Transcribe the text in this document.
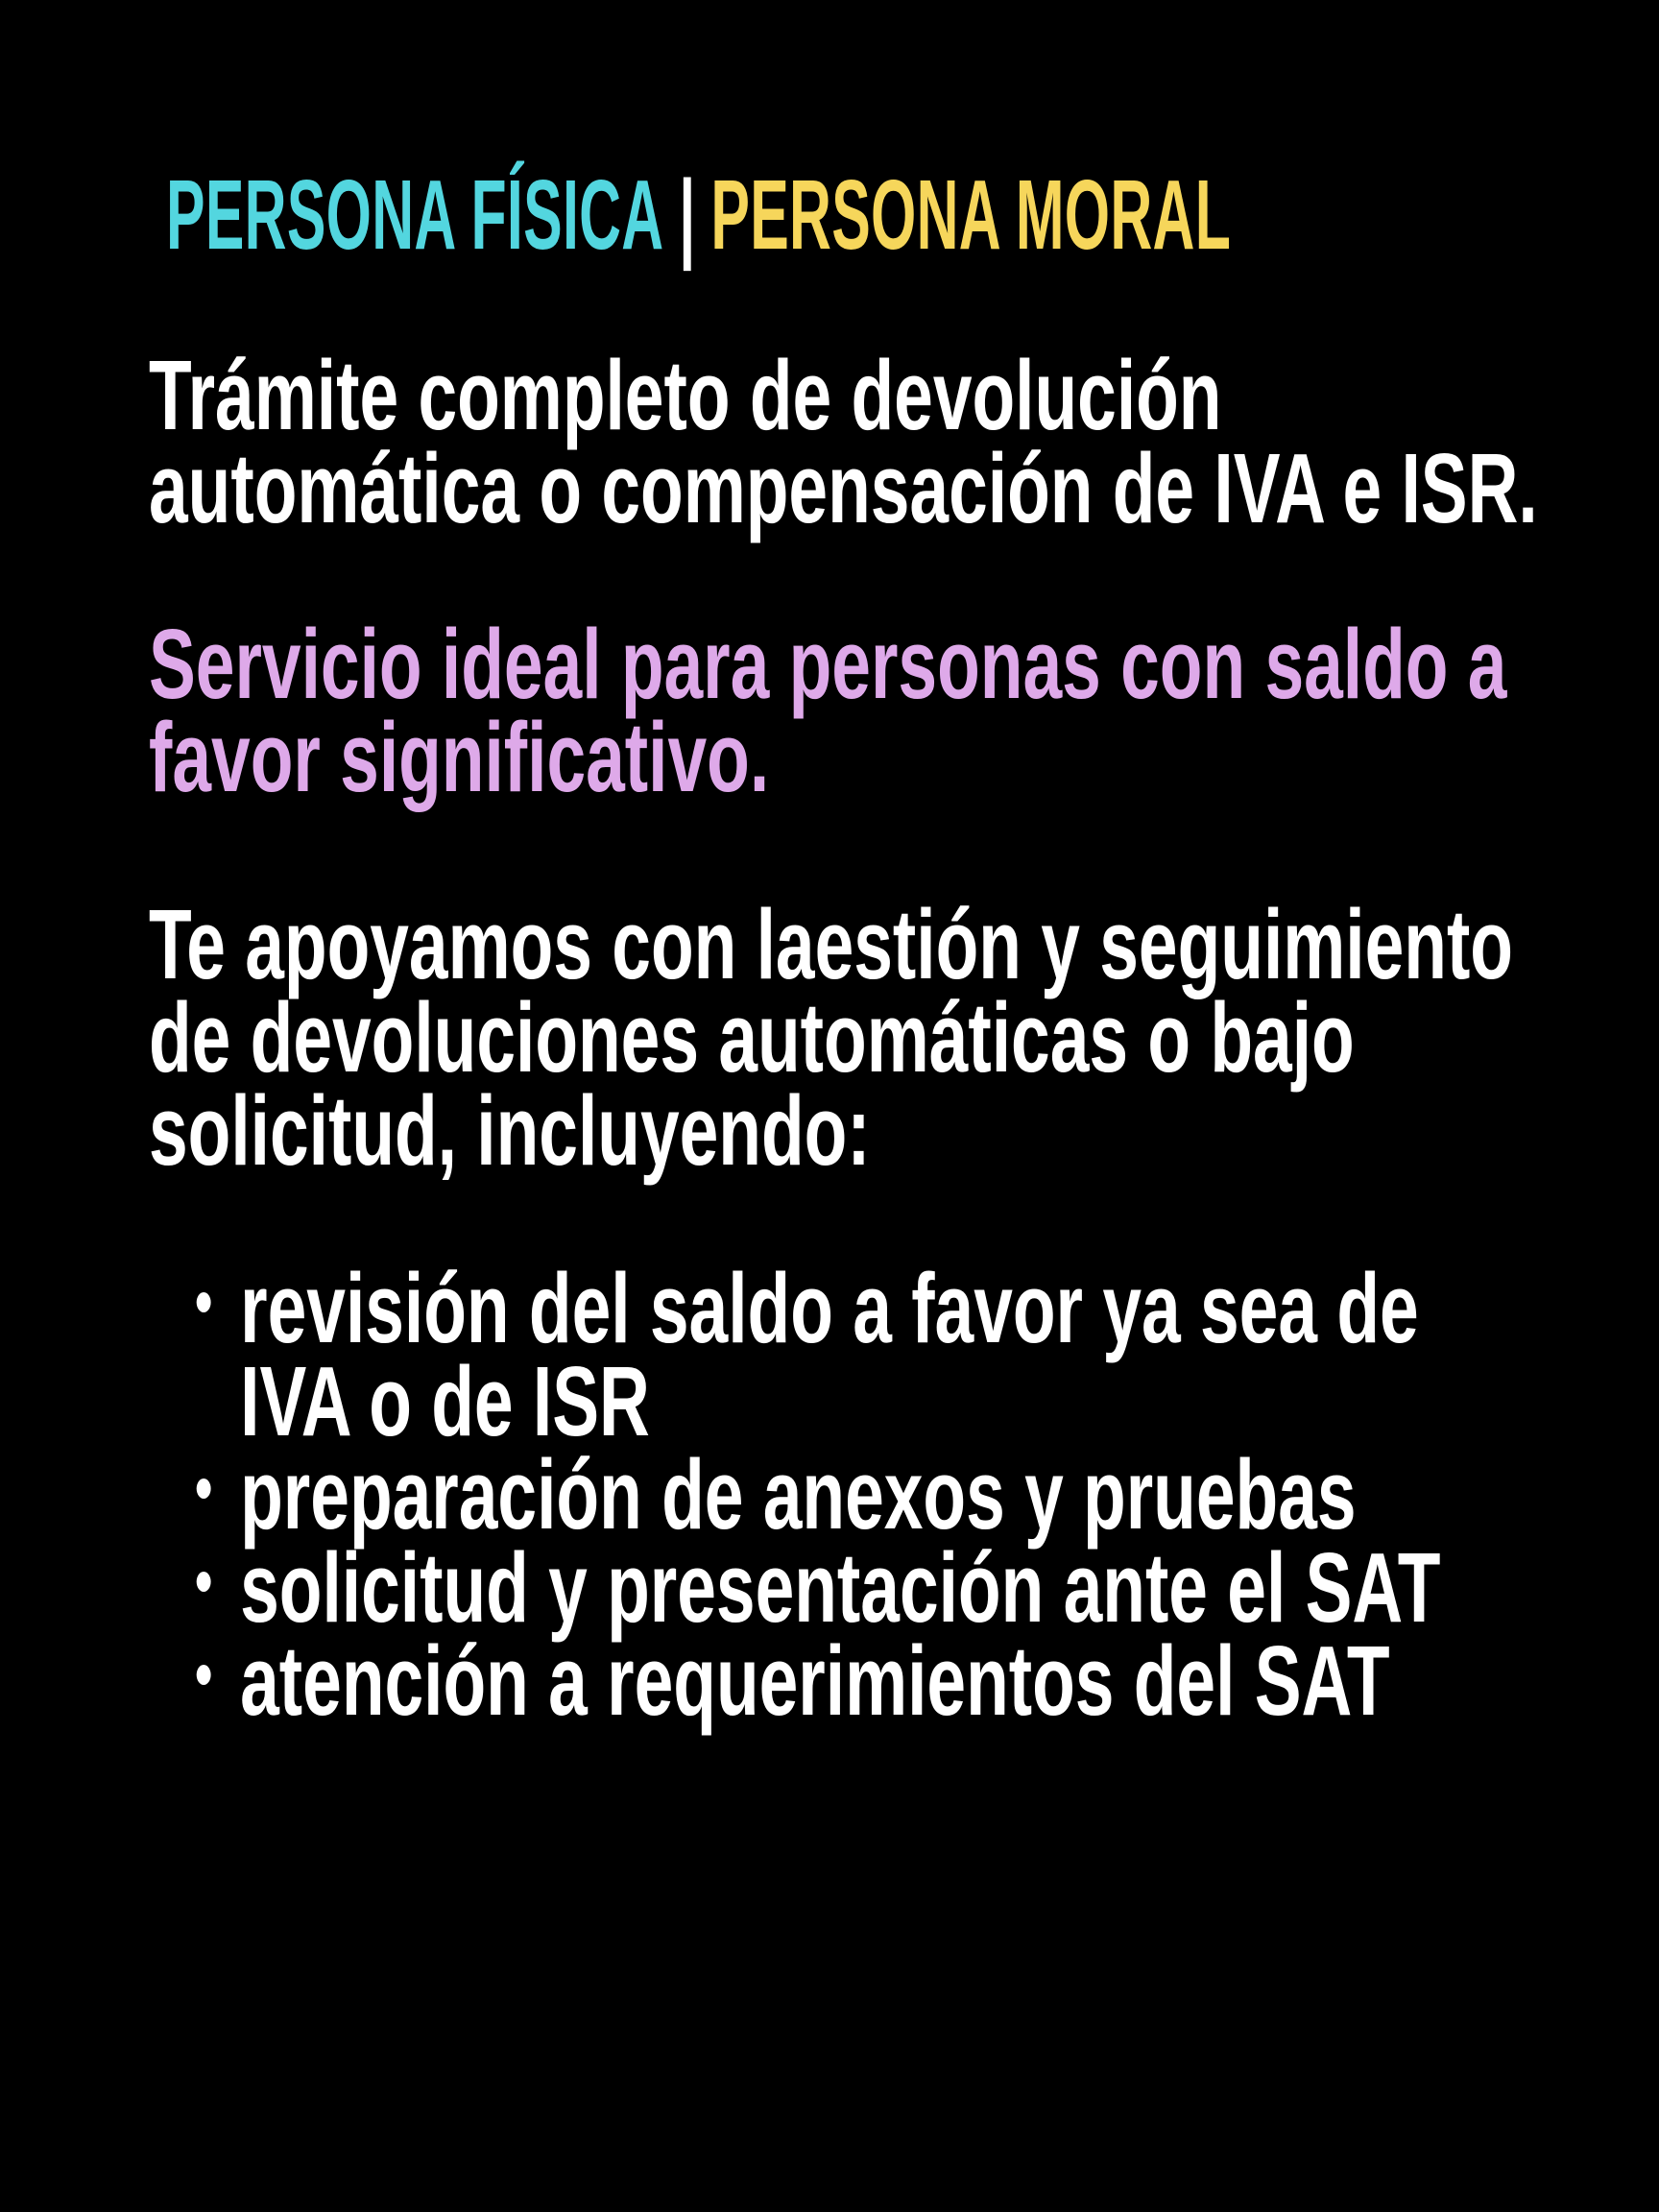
PERSONA FÍSICA | PERSONA MORAL
Trámite completo de devolución
automática o compensación de IVA e ISR.
Servicio ideal para personas con saldo a
favor significativo.
Te apoyamos con laestión y seguimiento
de devoluciones automáticas o bajo
solicitud, incluyendo:
revisión del saldo a favor ya sea de
IVA o de ISR
preparación de anexos y pruebas
solicitud y presentación ante el SAT
atención a requerimientos del SAT
